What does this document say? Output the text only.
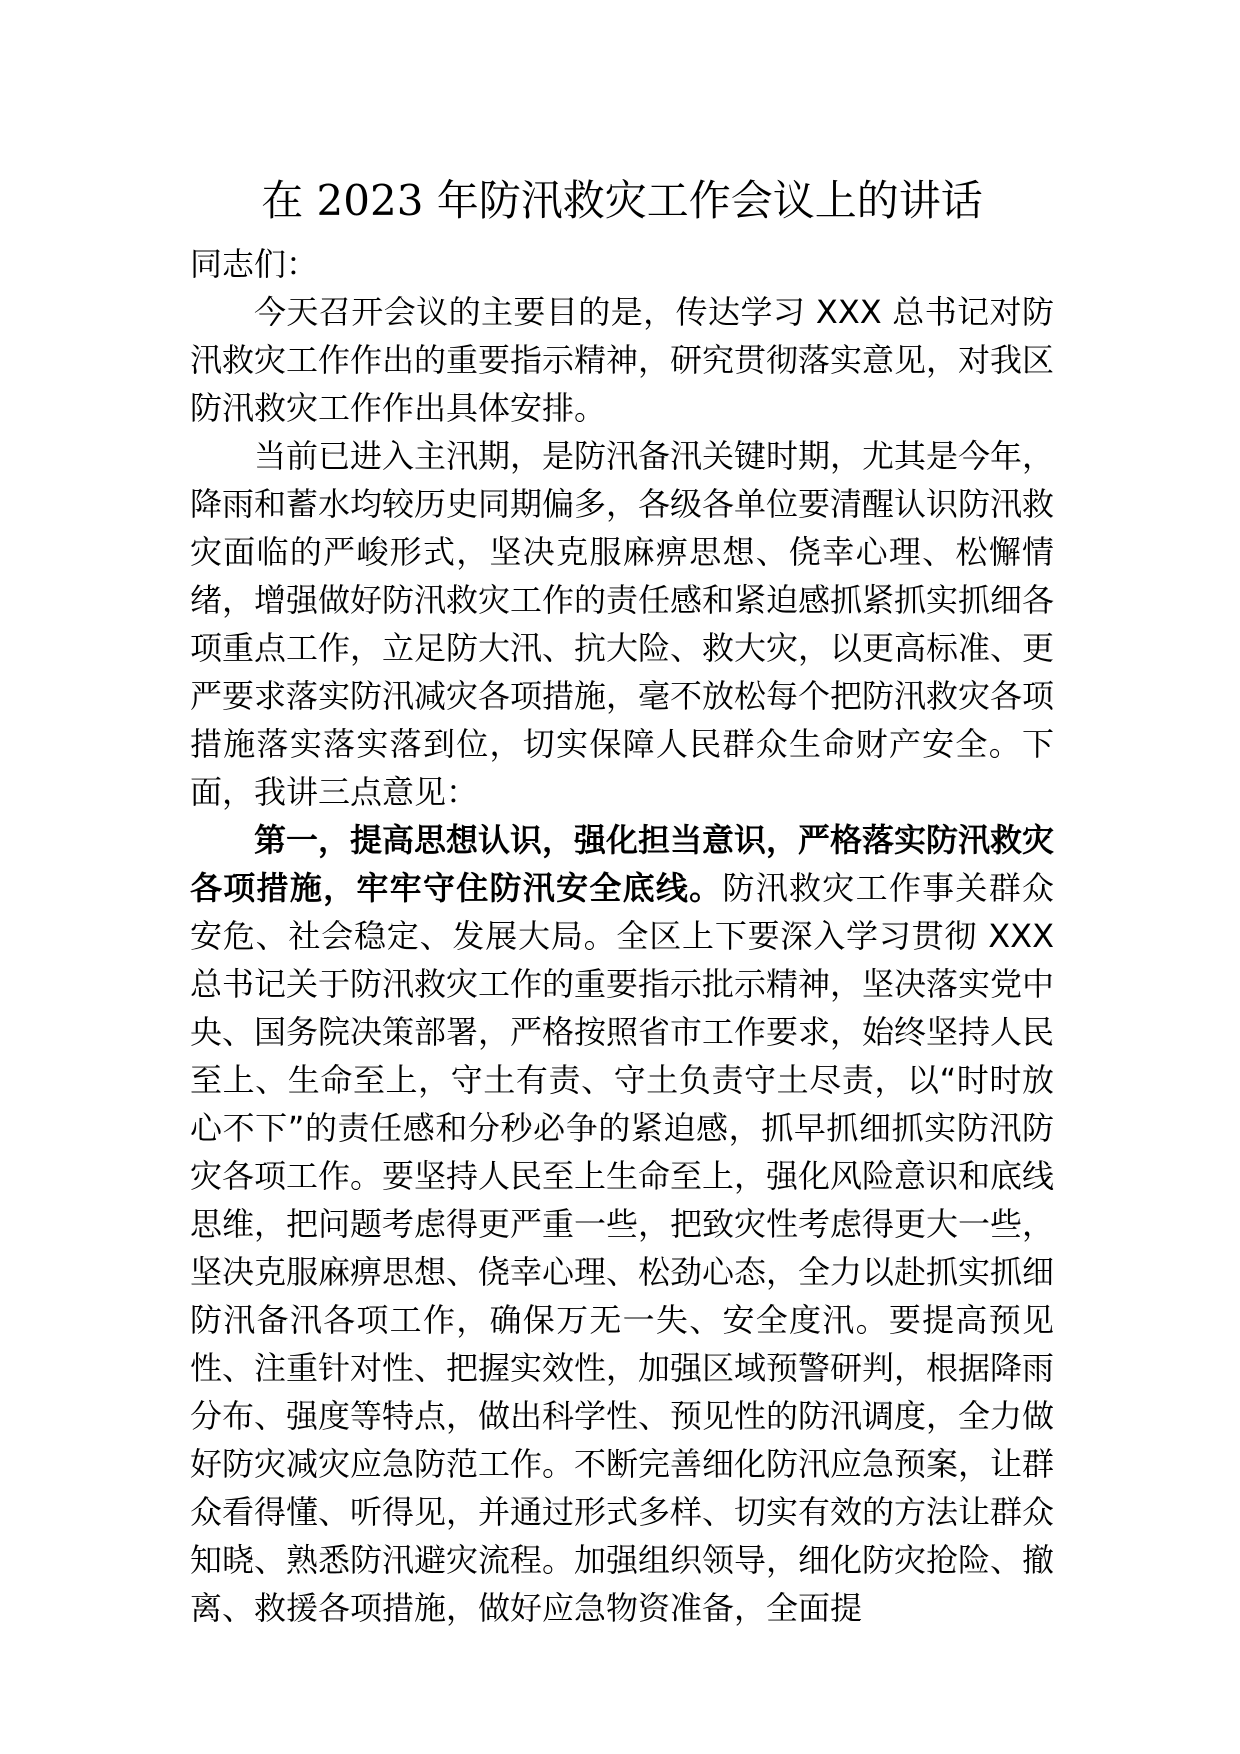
在 2023 年防汛救灾工作会议上的讲话

同志们：

今天召开会议的主要目的是，传达学习 XXX 总书记对防汛救灾工作作出的重要指示精神，研究贯彻落实意见，对我区防汛救灾工作作出具体安排。

当前已进入主汛期，是防汛备汛关键时期，尤其是今年，降雨和蓄水均较历史同期偏多，各级各单位要清醒认识防汛救灾面临的严峻形式，坚决克服麻痹思想、侥幸心理、松懈情绪，增强做好防汛救灾工作的责任感和紧迫感抓紧抓实抓细各项重点工作，立足防大汛、抗大险、救大灾，以更高标准、更严要求落实防汛减灾各项措施，毫不放松每个把防汛救灾各项措施落实落实落到位，切实保障人民群众生命财产安全。下面，我讲三点意见：

第一，提高思想认识，强化担当意识，严格落实防汛救灾各项措施，牢牢守住防汛安全底线。防汛救灾工作事关群众安危、社会稳定、发展大局。全区上下要深入学习贯彻 XXX 总书记关于防汛救灾工作的重要指示批示精神，坚决落实党中央、国务院决策部署，严格按照省市工作要求，始终坚持人民至上、生命至上，守土有责、守土负责守土尽责，以“时时放心不下”的责任感和分秒必争的紧迫感，抓早抓细抓实防汛防灾各项工作。要坚持人民至上生命至上，强化风险意识和底线思维，把问题考虑得更严重一些，把致灾性考虑得更大一些，坚决克服麻痹思想、侥幸心理、松劲心态，全力以赴抓实抓细防汛备汛各项工作，确保万无一失、安全度汛。要提高预见性、注重针对性、把握实效性，加强区域预警研判，根据降雨分布、强度等特点，做出科学性、预见性的防汛调度，全力做好防灾减灾应急防范工作。不断完善细化防汛应急预案，让群众看得懂、听得见，并通过形式多样、切实有效的方法让群众知晓、熟悉防汛避灾流程。加强组织领导，细化防灾抢险、撤离、救援各项措施，做好应急物资准备，全面提
